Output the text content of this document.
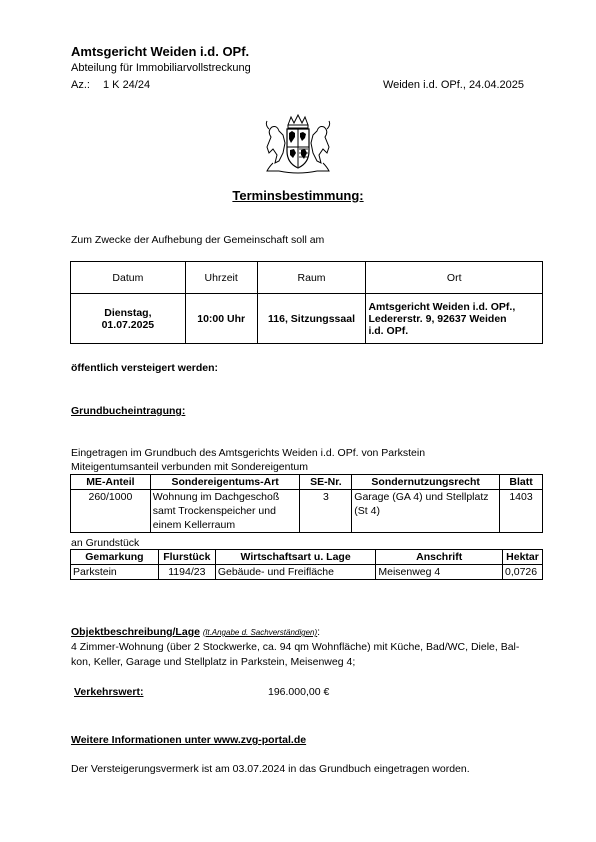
Amtsgericht Weiden i.d. OPf.
Abteilung für Immobiliarvollstreckung
Az.: 1 K 24/24	Weiden i.d. OPf., 24.04.2025
Terminsbestimmung:
Zum Zwecke der Aufhebung der Gemeinschaft soll am
Datum	Uhrzeit	Raum	Ort
Dienstag,
01.07.2025	10:00 Uhr	116, Sitzungssaal	Amtsgericht Weiden i.d. OPf.,
Ledererstr. 9, 92637 Weiden
i.d. OPf.
öffentlich versteigert werden:
Grundbucheintragung:
Eingetragen im Grundbuch des Amtsgerichts Weiden i.d. OPf. von Parkstein
Miteigentumsanteil verbunden mit Sondereigentum
ME-Anteil	Sondereigentums-Art	SE-Nr.	Sondernutzungsrecht	Blatt
260/1000	Wohnung im Dachgeschoß
samt Trockenspeicher und
einem Kellerraum	3	Garage (GA 4) und Stellplatz
(St 4)	1403
an Grundstück
Gemarkung	Flurstück	Wirtschaftsart u. Lage	Anschrift	Hektar
Parkstein	1194/23	Gebäude- und Freifläche	Meisenweg 4	0,0726
Objektbeschreibung/Lage (lt.Angabe d. Sachverständigen):
4 Zimmer-Wohnung (über 2 Stockwerke, ca. 94 qm Wohnfläche) mit Küche, Bad/WC, Diele, Bal-
kon, Keller, Garage und Stellplatz in Parkstein, Meisenweg 4;
Verkehrswert:	196.000,00 €
Weitere Informationen unter www.zvg-portal.de
Der Versteigerungsvermerk ist am 03.07.2024 in das Grundbuch eingetragen worden.
